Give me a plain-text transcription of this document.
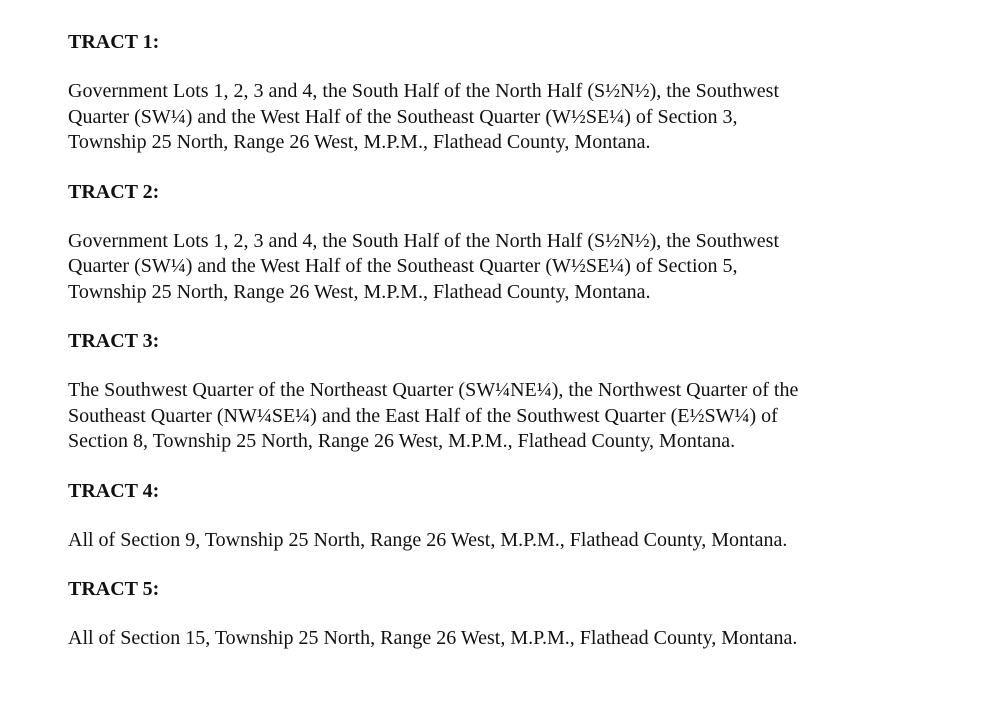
TRACT 1:

Government Lots 1, 2, 3 and 4, the South Half of the North Half (S½N½), the Southwest
Quarter (SW¼) and the West Half of the Southeast Quarter (W½SE¼) of Section 3,
Township 25 North, Range 26 West, M.P.M., Flathead County, Montana.

TRACT 2:

Government Lots 1, 2, 3 and 4, the South Half of the North Half (S½N½), the Southwest
Quarter (SW¼) and the West Half of the Southeast Quarter (W½SE¼) of Section 5,
Township 25 North, Range 26 West, M.P.M., Flathead County, Montana.

TRACT 3:

The Southwest Quarter of the Northeast Quarter (SW¼NE¼), the Northwest Quarter of the
Southeast Quarter (NW¼SE¼) and the East Half of the Southwest Quarter (E½SW¼) of
Section 8, Township 25 North, Range 26 West, M.P.M., Flathead County, Montana.

TRACT 4:

All of Section 9, Township 25 North, Range 26 West, M.P.M., Flathead County, Montana.

TRACT 5:

All of Section 15, Township 25 North, Range 26 West, M.P.M., Flathead County, Montana.
